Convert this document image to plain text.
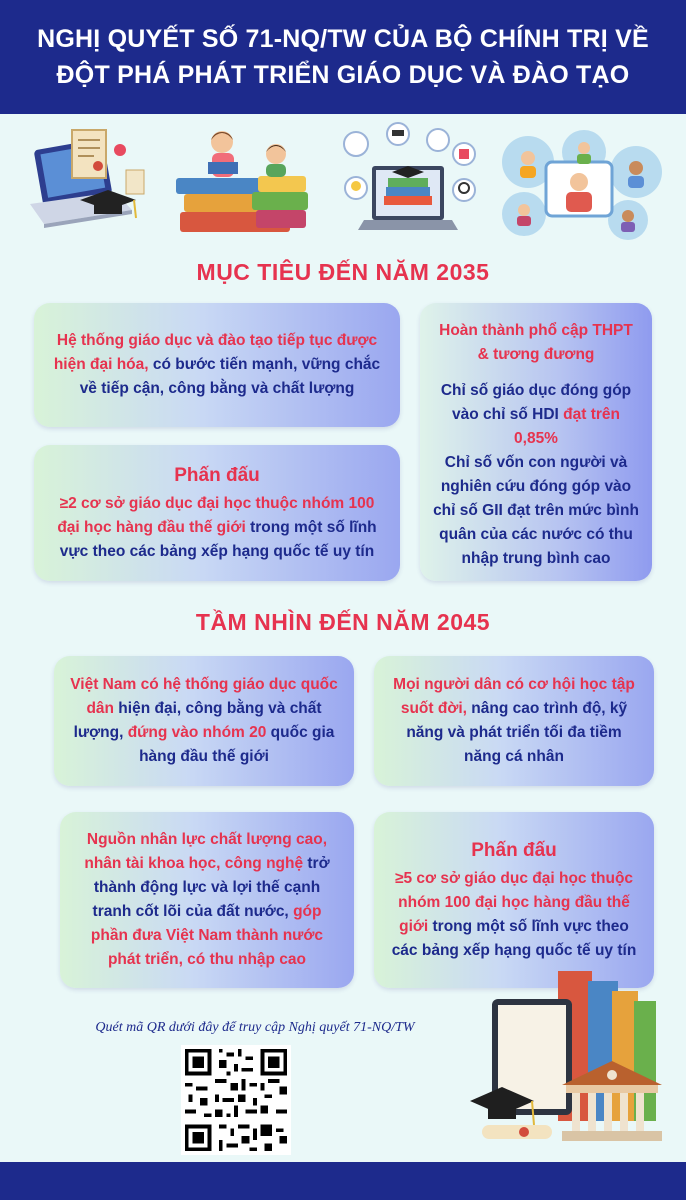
NGHỊ QUYẾT SỐ 71-NQ/TW CỦA BỘ CHÍNH TRỊ VỀ
ĐỘT PHÁ PHÁT TRIỂN GIÁO DỤC VÀ ĐÀO TẠO
MỤC TIÊU ĐẾN NĂM 2035
Hệ thống giáo dục và đào tạo tiếp tục được hiện đại hóa, có bước tiến mạnh, vững chắc về tiếp cận, công bằng và chất lượng
Phấn đấu
≥2 cơ sở giáo dục đại học thuộc nhóm 100 đại học hàng đầu thế giới trong một số lĩnh vực theo các bảng xếp hạng quốc tế uy tín
Hoàn thành phổ cập THPT & tương đương
Chỉ số giáo dục đóng góp vào chỉ số HDI đạt trên 0,85%
Chỉ số vốn con người và nghiên cứu đóng góp vào chỉ số GII đạt trên mức bình quân của các nước có thu nhập trung bình cao
TẦM NHÌN ĐẾN NĂM 2045
Việt Nam có hệ thống giáo dục quốc dân hiện đại, công bằng và chất lượng, đứng vào nhóm 20 quốc gia hàng đầu thế giới
Mọi người dân có cơ hội học tập suốt đời, nâng cao trình độ, kỹ năng và phát triển tối đa tiềm năng cá nhân
Nguồn nhân lực chất lượng cao, nhân tài khoa học, công nghệ trở thành động lực và lợi thế cạnh tranh cốt lõi của đất nước, góp phần đưa Việt Nam thành nước phát triển, có thu nhập cao
Phấn đấu
≥5 cơ sở giáo dục đại học thuộc nhóm 100 đại học hàng đầu thế giới trong một số lĩnh vực theo các bảng xếp hạng quốc tế uy tín
Quét mã QR dưới đây để truy cập Nghị quyết 71-NQ/TW
